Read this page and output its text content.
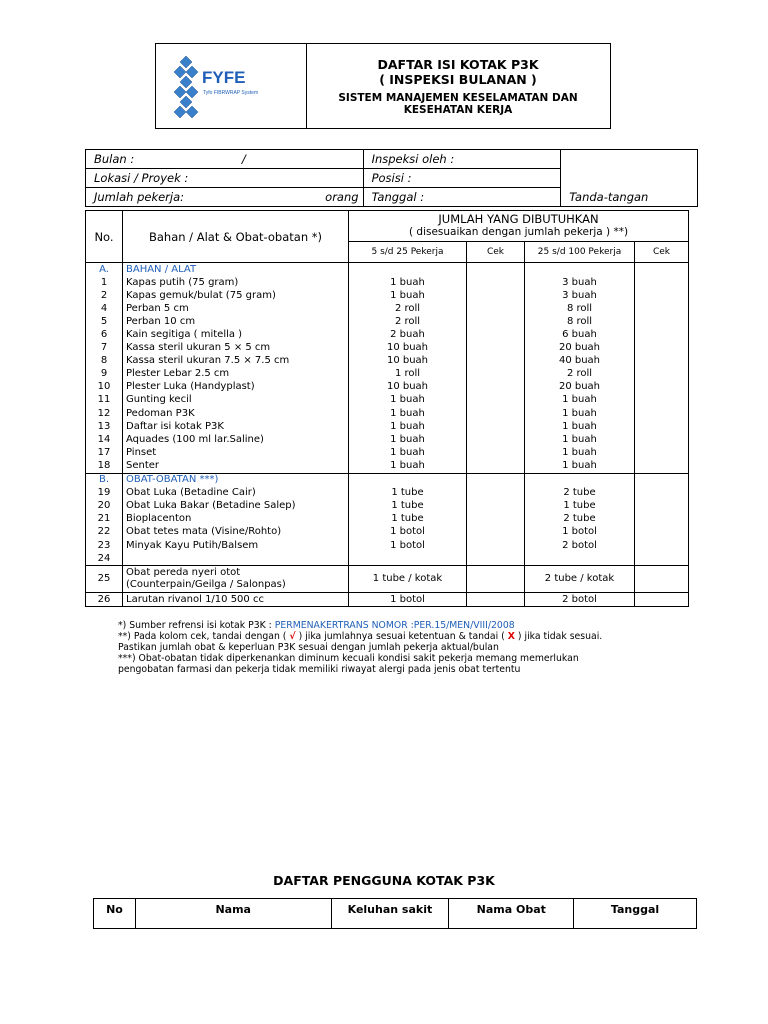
FYFE
Tyfo FIBRWRAP System
DAFTAR ISI KOTAK P3K
( INSPEKSI BULANAN )
SISTEM MANAJEMEN KESELAMATAN DAN
KESEHATAN KERJA
Bulan : /	Inspeksi oleh :	
Lokasi / Proyek :	Posisi :	
Jumlah pekerja: orang	Tanggal :	Tanda-tangan
No.	Bahan / Alat & Obat-obatan *)	JUMLAH YANG DIBUTUHKAN
( disesuaikan dengan jumlah pekerja ) **)			

		5 s/d 25 Pekerja	Cek	25 s/d 100 Pekerja	Cek
A.	BAHAN / ALAT				
1	Kapas putih (75 gram)	1 buah		3 buah	
2	Kapas gemuk/bulat (75 gram)	1 buah		3 buah	
4	Perban 5 cm	2 roll		8 roll	
5	Perban 10 cm	2 roll		8 roll	
6	Kain segitiga ( mitella )	2 buah		6 buah	
7	Kassa steril ukuran 5 × 5 cm	10 buah		20 buah	
8	Kassa steril ukuran 7.5 × 7.5 cm	10 buah		40 buah	
9	Plester Lebar 2.5 cm	1 roll		2 roll	
10	Plester Luka (Handyplast)	10 buah		20 buah	
11	Gunting kecil	1 buah		1 buah	
12	Pedoman P3K	1 buah		1 buah	
13	Daftar isi kotak P3K	1 buah		1 buah	
14	Aquades (100 ml lar.Saline)	1 buah		1 buah	
17	Pinset	1 buah		1 buah	
18	Senter	1 buah		1 buah	
B.	OBAT-OBATAN ***)				
19	Obat Luka (Betadine Cair)	1 tube		2 tube	
20	Obat Luka Bakar (Betadine Salep)	1 tube		1 tube	
21	Bioplacenton	1 tube		2 tube	
22	Obat tetes mata (Visine/Rohto)	1 botol		1 botol	
23	Minyak Kayu Putih/Balsem	1 botol		2 botol	
24					
25	Obat pereda nyeri otot
(Counterpain/Geilga / Salonpas)	1 tube / kotak		2 tube / kotak	
26	Larutan rivanol 1/10 500 cc	1 botol		2 botol	

*) Sumber refrensi isi kotak P3K : PERMENAKERTRANS NOMOR :PER.15/MEN/VIII/2008

**) Pada kolom cek, tandai dengan ( √ ) jika jumlahnya sesuai ketentuan & tandai ( X ) jika tidak sesuai.

Pastikan jumlah obat & keperluan P3K sesuai dengan jumlah pekerja aktual/bulan

***) Obat-obatan tidak diperkenankan diminum kecuali kondisi sakit pekerja memang memerlukan

pengobatan farmasi dan pekerja tidak memiliki riwayat alergi pada jenis obat tertentu

DAFTAR PENGGUNA KOTAK P3K
No	Nama	Keluhan sakit	Nama Obat	Tanggal
